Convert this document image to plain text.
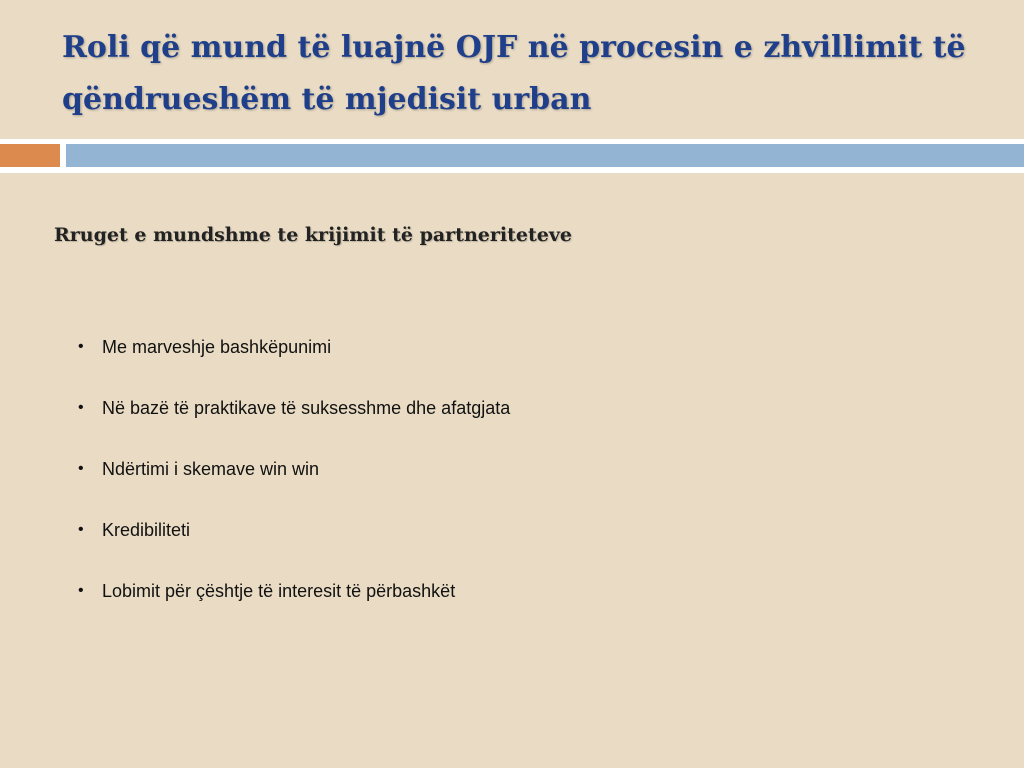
Roli që mund të luajnë OJF në procesin e zhvillimit të qëndrueshëm të mjedisit urban
Rruget e mundshme te krijimit të partneriteteve
• Me marveshje bashkëpunimi
• Në bazë të praktikave të suksesshme dhe afatgjata
• Ndërtimi i skemave win win
• Kredibiliteti
• Lobimit për çështje të interesit të përbashkët
